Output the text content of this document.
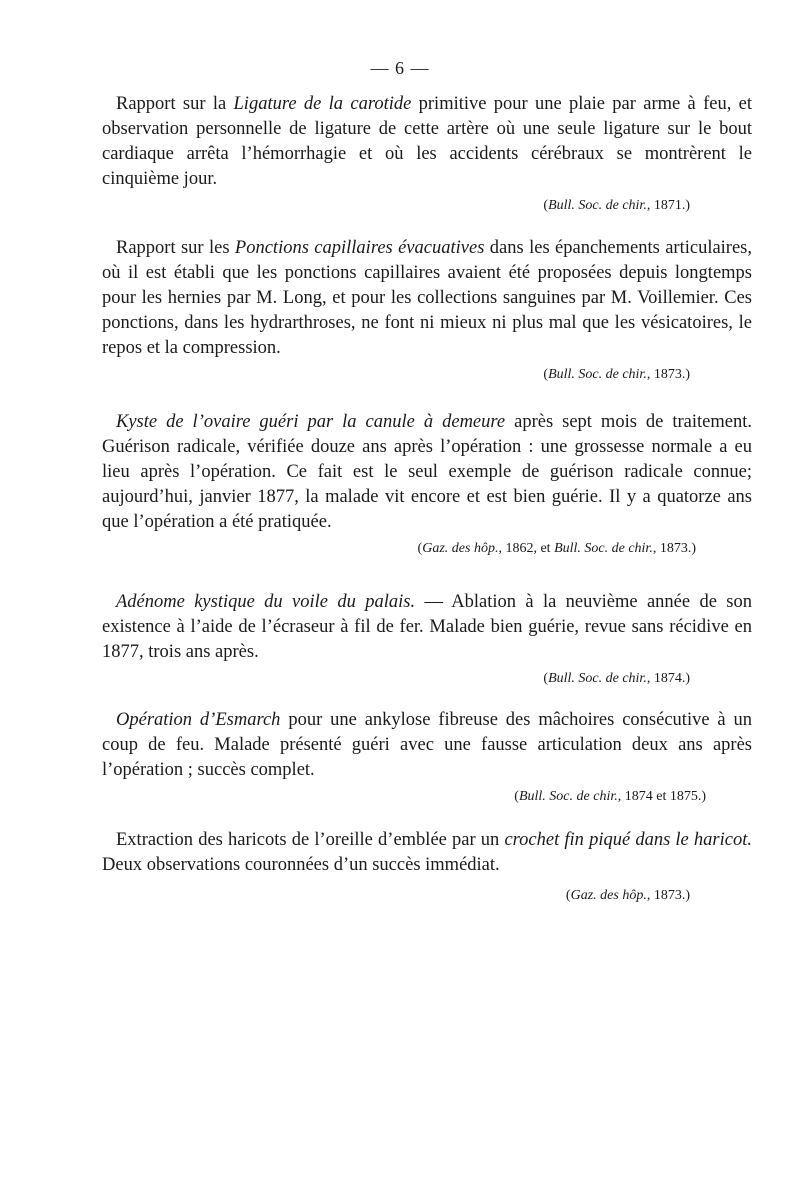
— 6 —

Rapport sur la Ligature de la carotide primitive pour une plaie par arme à feu, et observation personnelle de ligature de cette artère où une seule ligature sur le bout cardiaque arrêta l’hémorrhagie et où les accidents cérébraux se montrèrent le cinquième jour.

(Bull. Soc. de chir., 1871.)

Rapport sur les Ponctions capillaires évacuatives dans les épanchements articulaires, où il est établi que les ponctions capillaires avaient été proposées depuis longtemps pour les hernies par M. Long, et pour les collections sanguines par M. Voillemier. Ces ponctions, dans les hydrarthroses, ne font ni mieux ni plus mal que les vésicatoires, le repos et la compression.

(Bull. Soc. de chir., 1873.)

Kyste de l’ovaire guéri par la canule à demeure après sept mois de traitement. Guérison radicale, vérifiée douze ans après l’opération : une grossesse normale a eu lieu après l’opération. Ce fait est le seul exemple de guérison radicale connue; aujourd’hui, janvier 1877, la malade vit encore et est bien guérie. Il y a quatorze ans que l’opération a été pratiquée.

(Gaz. des hôp., 1862, et Bull. Soc. de chir., 1873.)

Adénome kystique du voile du palais. — Ablation à la neuvième année de son existence à l’aide de l’écraseur à fil de fer. Malade bien guérie, revue sans récidive en 1877, trois ans après.

(Bull. Soc. de chir., 1874.)

Opération d’Esmarch pour une ankylose fibreuse des mâchoires consécutive à un coup de feu. Malade présenté guéri avec une fausse articulation deux ans après l’opération ; succès complet.

(Bull. Soc. de chir., 1874 et 1875.)

Extraction des haricots de l’oreille d’emblée par un crochet fin piqué dans le haricot. Deux observations couronnées d’un succès immédiat.

(Gaz. des hôp., 1873.)
